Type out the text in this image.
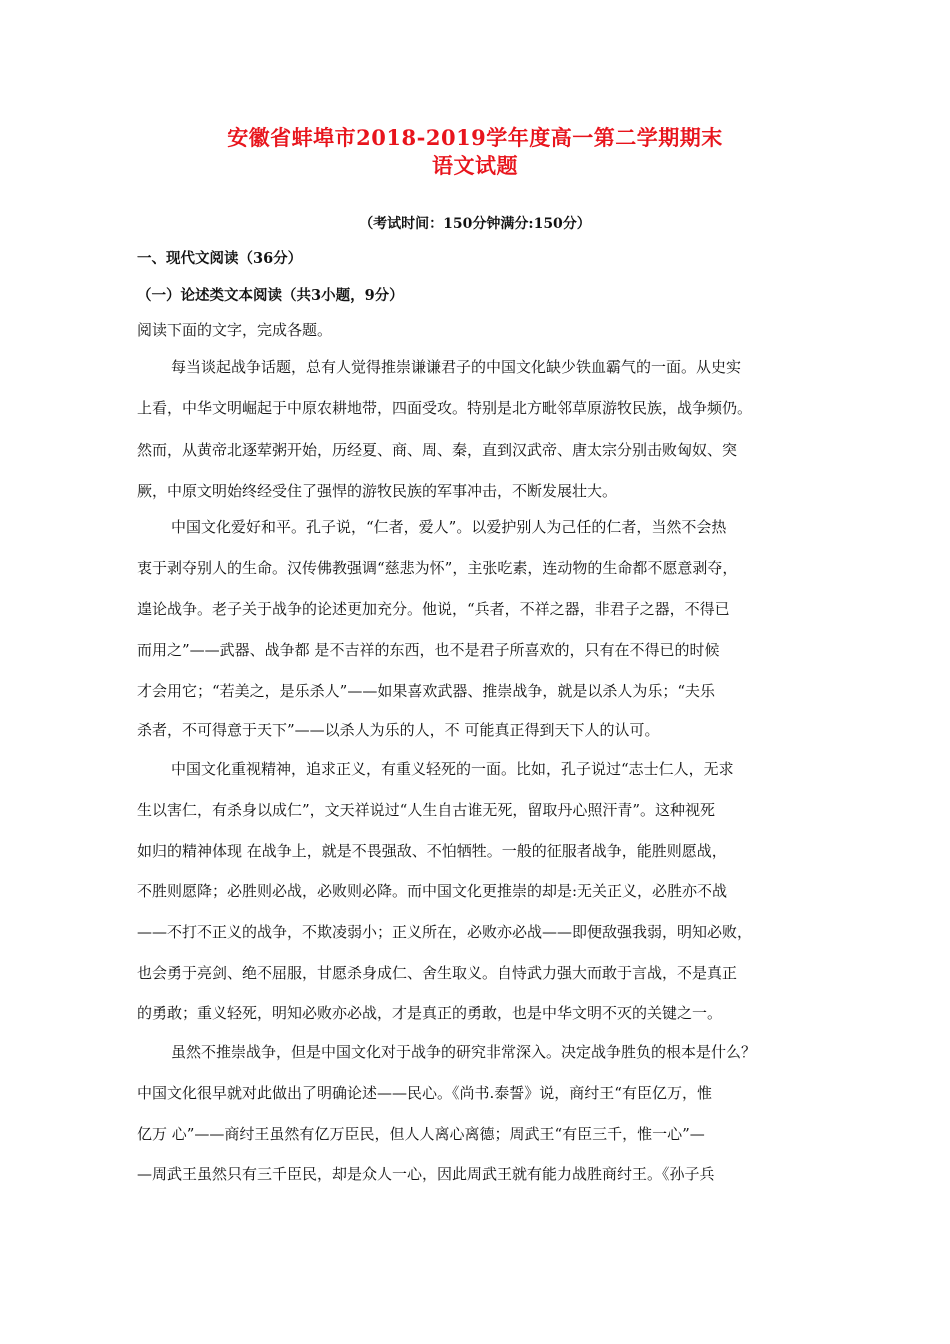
安徽省蚌埠市2018-2019学年度高一第二学期期末
语文试题
（考试时间：150分钟满分:150分）
一、现代文阅读（36分）
（一）论述类文本阅读（共3小题，9分）
阅读下面的文字，完成各题。
每当谈起战争话题，总有人觉得推崇谦谦君子的中国文化缺少铁血霸气的一面。从史实
上看，中华文明崛起于中原农耕地带，四面受攻。特别是北方毗邻草原游牧民族，战争频仍。
然而，从黄帝北逐荤粥开始，历经夏、商、周、秦，直到汉武帝、唐太宗分别击败匈奴、突
厥，中原文明始终经受住了强悍的游牧民族的军事冲击，不断发展壮大。
中国文化爱好和平。孔子说，“仁者，爱人”。以爱护别人为己任的仁者，当然不会热
衷于剥夺别人的生命。汉传佛教强调“慈悲为怀”，主张吃素，连动物的生命都不愿意剥夺，
遑论战争。老子关于战争的论述更加充分。他说，“兵者，不祥之器，非君子之器，不得已
而用之”——武器、战争都 是不吉祥的东西，也不是君子所喜欢的，只有在不得已的时候
才会用它；“若美之，是乐杀人”——如果喜欢武器、推崇战争，就是以杀人为乐；“夫乐
杀者，不可得意于天下”——以杀人为乐的人，不 可能真正得到天下人的认可。
中国文化重视精神，追求正义，有重义轻死的一面。比如，孔子说过“志士仁人，无求
生以害仁，有杀身以成仁”，文天祥说过“人生自古谁无死，留取丹心照汗青”。这种视死
如归的精神体现 在战争上，就是不畏强敌、不怕牺牲。一般的征服者战争，能胜则愿战，
不胜则愿降；必胜则必战，必败则必降。而中国文化更推崇的却是:无关正义，必胜亦不战
——不打不正义的战争，不欺凌弱小；正义所在，必败亦必战——即便敌强我弱，明知必败，
也会勇于亮剑、绝不屈服，甘愿杀身成仁、舍生取义。自恃武力强大而敢于言战，不是真正
的勇敢；重义轻死，明知必败亦必战，才是真正的勇敢，也是中华文明不灭的关键之一。
虽然不推崇战争，但是中国文化对于战争的研究非常深入。决定战争胜负的根本是什么？
中国文化很早就对此做出了明确论述——民心。《尚书.泰誓》说，商纣王“有臣亿万，惟
亿万 心”——商纣王虽然有亿万臣民，但人人离心离德；周武王“有臣三千，惟一心”—
—周武王虽然只有三千臣民，却是众人一心，因此周武王就有能力战胜商纣王。《孙子兵
